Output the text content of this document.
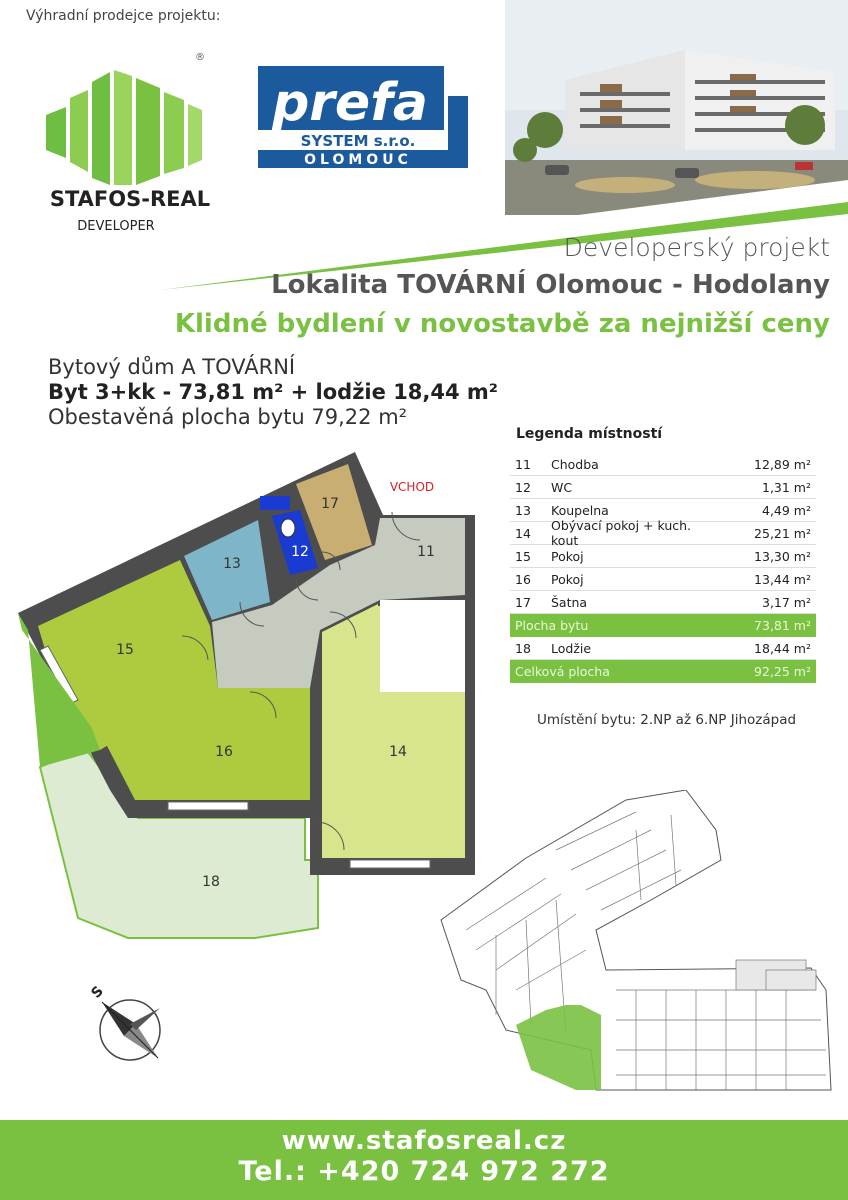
Výhradní prodejce projektu:
®
STAFOS-REAL
DEVELOPER
prefa
SYSTEM s.r.o.
OLOMOUC
Developerský projekt
Lokalita TOVÁRNÍ Olomouc - Hodolany
Klidné bydlení v novostavbě za nejnižší ceny
Bytový dům A TOVÁRNÍ
Byt 3+kk - 73,81 m² + lodžie 18,44 m²
Obestavěná plocha bytu 79,22 m²
11
12
13
14
15
16
17
18
VCHOD
Legenda místností
11	Chodba	12,89 m²
12	WC	1,31 m²
13	Koupelna	4,49 m²
14	Obývací pokoj + kuch. kout	25,21 m²
15	Pokoj	13,30 m²
16	Pokoj	13,44 m²
17	Šatna	3,17 m²
Plocha bytu	73,81 m²
18	Lodžie	18,44 m²
Celková plocha	92,25 m²
Umístění bytu: 2.NP až 6.NP Jihozápad
S
www.stafosreal.cz
Tel.: +420 724 972 272
